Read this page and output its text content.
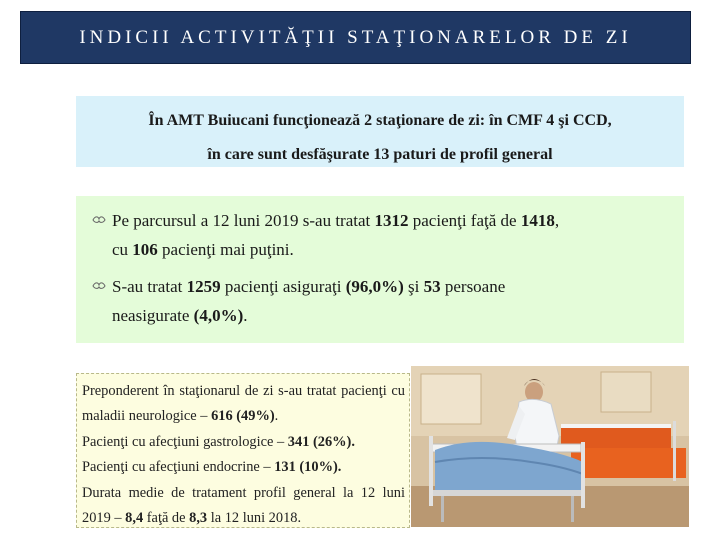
INDICII ACTIVITĂŢII STAŢIONARELOR DE ZI
În AMT Buiucani funcţionează 2 staţionare de zi: în CMF 4 şi CCD,
în care sunt desfăşurate 13 paturi de profil general
Pe parcursul a 12 luni 2019 s-au tratat 1312 pacienţi faţă de 1418,
cu 106 pacienţi mai puţini.
S-au tratat 1259 pacienţi asiguraţi (96,0%) şi 53 persoane
neasigurate (4,0%).
Preponderent în staţionarul de zi s-au tratat pacienţi cu maladii neurologice – 616 (49%).
Pacienţi cu afecţiuni gastrologice – 341 (26%).
Pacienţi cu afecţiuni endocrine – 131 (10%).
Durata medie de tratament profil general la 12 luni 2019 – 8,4 faţă de 8,3 la 12 luni 2018.
